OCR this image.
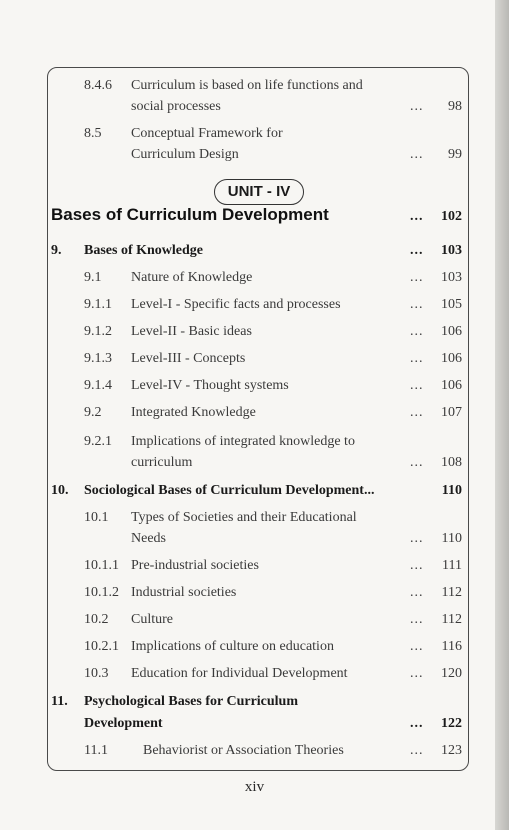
8.4.6 Curriculum is based on life functions and
social processes	... 98
8.5 Conceptual Framework for
Curriculum Design	... 99
UNIT - IV
Bases of Curriculum Development	... 102
9. Bases of Knowledge	... 103
9.1 Nature of Knowledge	... 103
9.1.1 Level-I - Specific facts and processes	... 105
9.1.2 Level-II - Basic ideas	... 106
9.1.3 Level-III - Concepts	... 106
9.1.4 Level-IV - Thought systems	... 106
9.2 Integrated Knowledge	... 107
9.2.1 Implications of integrated knowledge to
curriculum	... 108
10. Sociological Bases of Curriculum Development...	110
10.1 Types of Societies and their Educational
Needs	... 110
10.1.1 Pre-industrial societies	... 111
10.1.2 Industrial societies	... 112
10.2 Culture	... 112
10.2.1 Implications of culture on education	... 116
10.3 Education for Individual Development	... 120
11. Psychological Bases for Curriculum
Development	... 122
11.1	Behaviorist or Association Theories	... 123
xiv
